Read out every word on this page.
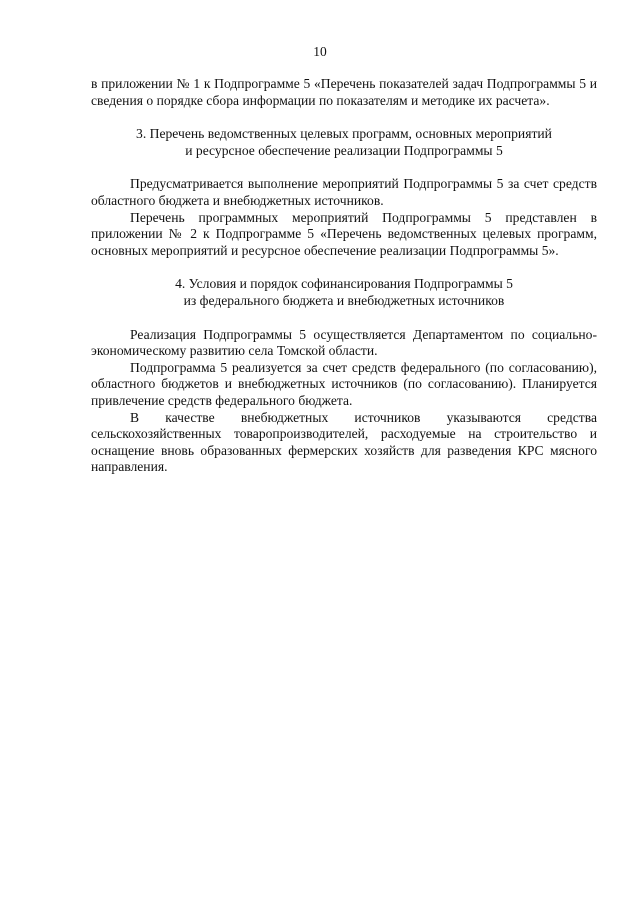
10

в приложении № 1 к Подпрограмме 5 «Перечень показателей задач Подпрограммы 5 и сведения о порядке сбора информации по показателям и методике их расчета».

3. Перечень ведомственных целевых программ, основных мероприятий
и ресурсное обеспечение реализации Подпрограммы 5

Предусматривается выполнение мероприятий Подпрограммы 5 за счет средств областного бюджета и внебюджетных источников.

Перечень программных мероприятий Подпрограммы 5 представлен в приложении № 2 к Подпрограмме 5 «Перечень ведомственных целевых программ, основных мероприятий и ресурсное обеспечение реализации Подпрограммы 5».

4. Условия и порядок софинансирования Подпрограммы 5
из федерального бюджета и внебюджетных источников

Реализация Подпрограммы 5 осуществляется Департаментом по социально-экономическому развитию села Томской области.

Подпрограмма 5 реализуется за счет средств федерального (по согласованию), областного бюджетов и внебюджетных источников (по согласованию). Планируется привлечение средств федерального бюджета.

В качестве внебюджетных источников указываются средства сельскохозяйственных товаропроизводителей, расходуемые на строительство и оснащение вновь образованных фермерских хозяйств для разведения КРС мясного направления.
